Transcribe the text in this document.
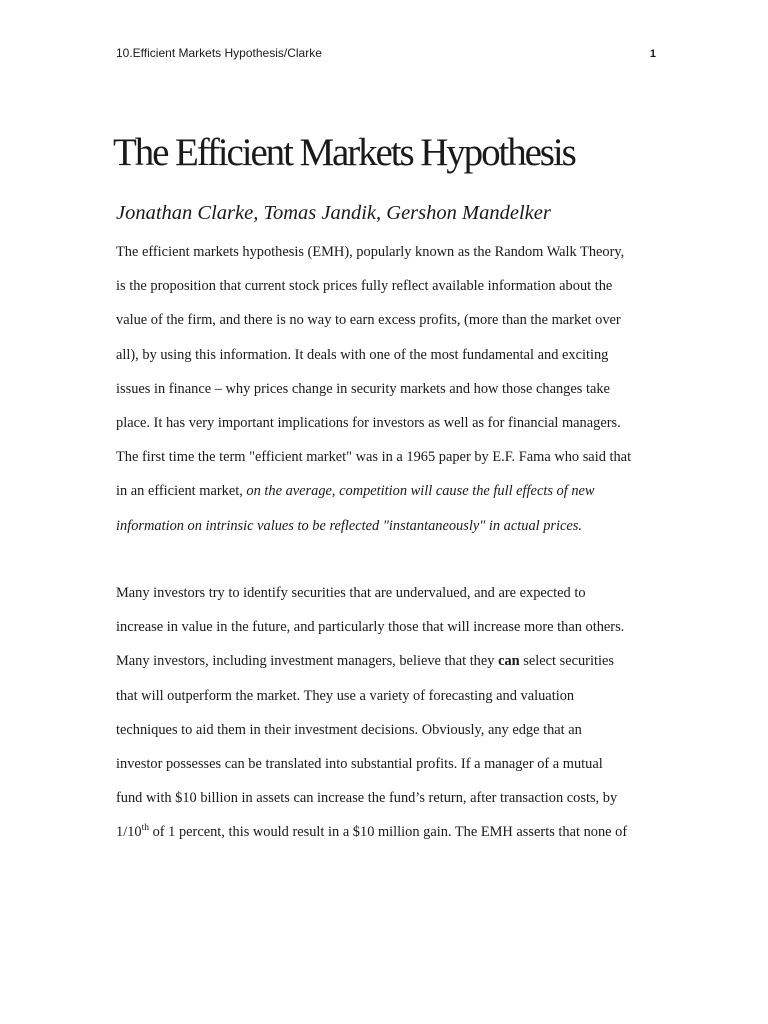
10.Efficient Markets Hypothesis/Clarke	1
The Efficient Markets Hypothesis

Jonathan Clarke, Tomas Jandik, Gershon Mandelker

The efficient markets hypothesis (EMH), popularly known as the Random Walk Theory,
is the proposition that current stock prices fully reflect available information about the
value of the firm, and there is no way to earn excess profits, (more than the market over
all), by using this information. It deals with one of the most fundamental and exciting
issues in finance – why prices change in security markets and how those changes take
place. It has very important implications for investors as well as for financial managers.
The first time the term "efficient market" was in a 1965 paper by E.F. Fama who said that
in an efficient market, on the average, competition will cause the full effects of new
information on intrinsic values to be reflected "instantaneously" in actual prices.
Many investors try to identify securities that are undervalued, and are expected to
increase in value in the future, and particularly those that will increase more than others.
Many investors, including investment managers, believe that they can select securities
that will outperform the market. They use a variety of forecasting and valuation
techniques to aid them in their investment decisions. Obviously, any edge that an
investor possesses can be translated into substantial profits. If a manager of a mutual
fund with $10 billion in assets can increase the fund’s return, after transaction costs, by
1/10th of 1 percent, this would result in a $10 million gain. The EMH asserts that none of
